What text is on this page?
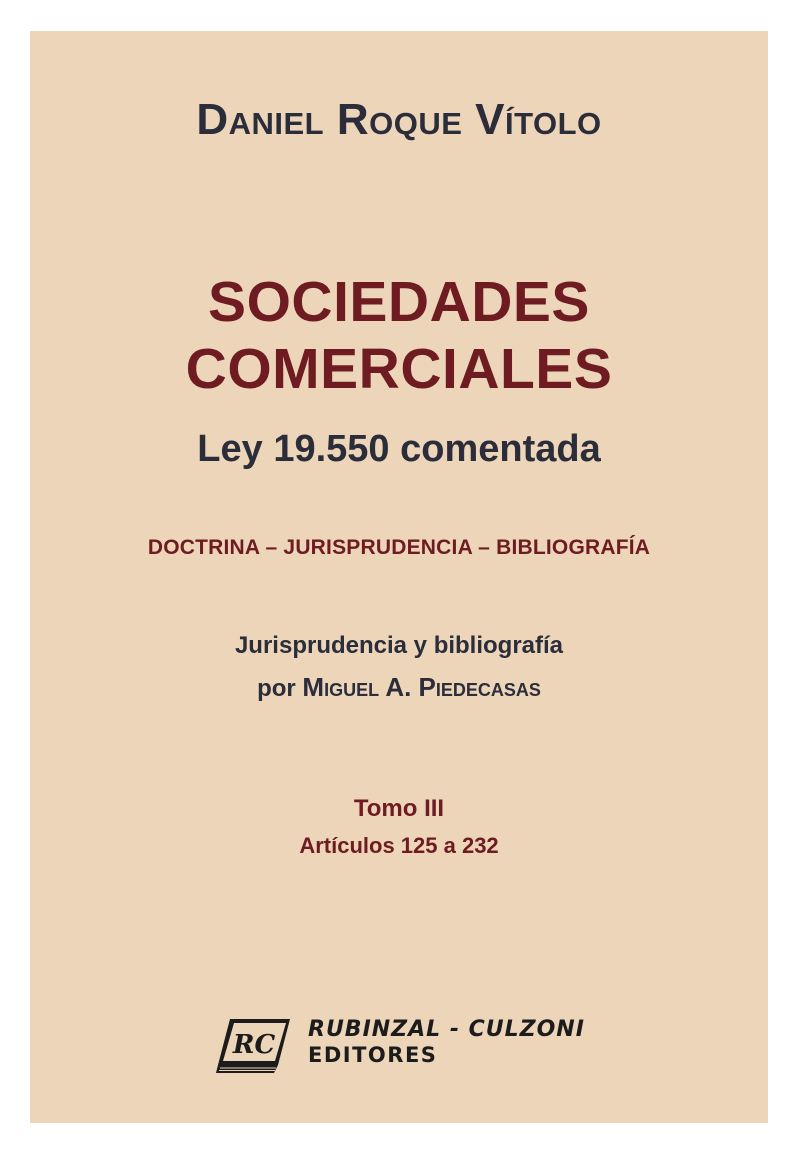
Daniel Roque Vítolo
SOCIEDADES
COMERCIALES
Ley 19.550 comentada
DOCTRINA – JURISPRUDENCIA – BIBLIOGRAFÍA
Jurisprudencia y bibliografía
por Miguel A. Piedecasas
Tomo III
Artículos 125 a 232
RC
RUBINZAL - CULZONI
EDITORES
